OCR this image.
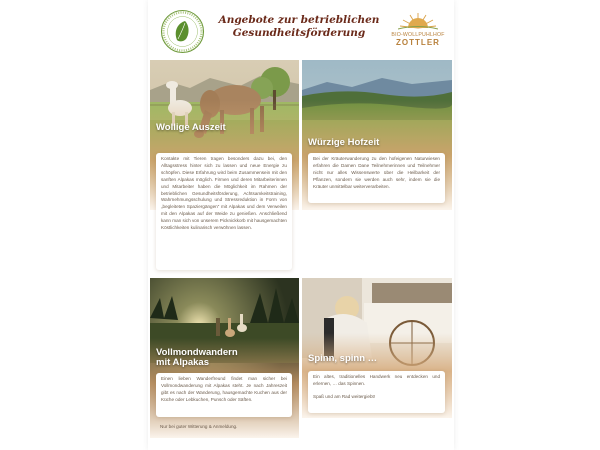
Angebote zur betrieblichen
Gesundheitsförderung	BIO-WOLLPUHLHOF
ZOTTLER
Wollige Auszeit

Kontakte mit Tieren tragen besonders dazu bei, den Alltagsstress hinter sich zu lassen und neue Energie zu schöpfen. Diese Erfahrung wird beim Zusammensein mit den sanften Alpakas möglich. Firmen und deren Mitarbeiterinnen und Mitarbeiter haben die Möglichkeit im Rahmen der betrieblichen Gesundheitsförderung, Achtsamkeitstraining, Wahrnehmungsschulung und Stressreduktion in Form von „begleiteten Spaziergängen“ mit Alpakas und dem Verweilen mit den Alpakas auf der Weide zu genießen. Anschließend kann man sich von unserem Picknickkorb mit hausgemachten Köstlichkeiten kulinarisch verwöhnen lassen.

Würzige Hofzeit

Bei der Kräuterwanderung zu den hofeigenen Naturwiesen erfahren die Damen Dane Teilnehmerinnen und Teilnehmer nicht nur alles Wissenswerte über die Heilbarkeit der Pflanzen, sondern sie werden auch sehr, indem sie die Kräuter unmittelbar weiterverarbeiten.

Vollmondwandern
mit Alpakas

Einen lieben Wanderfreund findet man sicher bei Vollmondwanderung mit Alpakas steht. Je nach Jahreszeit gibt es nach der Wanderung, hausgemachte Kuchen aus der Küche oder Lebkuchen, Punsch oder Säften.

Nur bei guter Witterung & Anmeldung.
Spinn, spinn …

Ein altes, traditionelles Handwerk neu entdecken und erlernen, … das Spinnen.

Spaß und am Rad weitergiebt!
